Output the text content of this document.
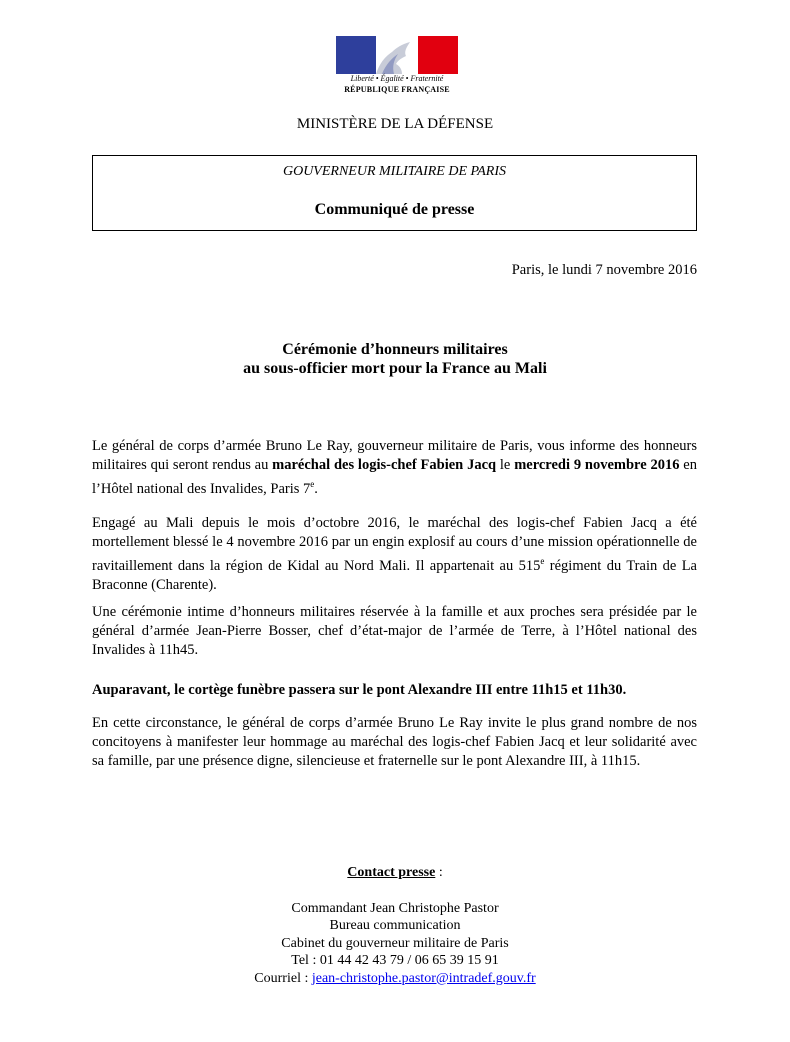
Liberté • Égalité • Fraternité
RÉPUBLIQUE FRANÇAISE
MINISTÈRE DE LA DÉFENSE
GOUVERNEUR MILITAIRE DE PARIS
Communiqué de presse
Paris, le lundi 7 novembre 2016
Cérémonie d’honneurs militaires
au sous-officier mort pour la France au Mali
Le général de corps d’armée Bruno Le Ray, gouverneur militaire de Paris, vous informe des honneurs militaires qui seront rendus au maréchal des logis-chef Fabien Jacq le mercredi 9 novembre 2016 en l’Hôtel national des Invalides, Paris 7e.
Engagé au Mali depuis le mois d’octobre 2016, le maréchal des logis-chef Fabien Jacq a été mortellement blessé le 4 novembre 2016 par un engin explosif au cours d’une mission opérationnelle de ravitaillement dans la région de Kidal au Nord Mali. Il appartenait au 515e régiment du Train de La Braconne (Charente).
Une cérémonie intime d’honneurs militaires réservée à la famille et aux proches sera présidée par le général d’armée Jean-Pierre Bosser, chef d’état-major de l’armée de Terre, à l’Hôtel national des Invalides à 11h45.
Auparavant, le cortège funèbre passera sur le pont Alexandre III entre 11h15 et 11h30.
En cette circonstance, le général de corps d’armée Bruno Le Ray invite le plus grand nombre de nos concitoyens à manifester leur hommage au maréchal des logis-chef Fabien Jacq et leur solidarité avec sa famille, par une présence digne, silencieuse et fraternelle sur le pont Alexandre III, à 11h15.
Contact presse :
Commandant Jean Christophe Pastor
Bureau communication
Cabinet du gouverneur militaire de Paris
Tel : 01 44 42 43 79 / 06 65 39 15 91
Courriel : jean-christophe.pastor@intradef.gouv.fr
